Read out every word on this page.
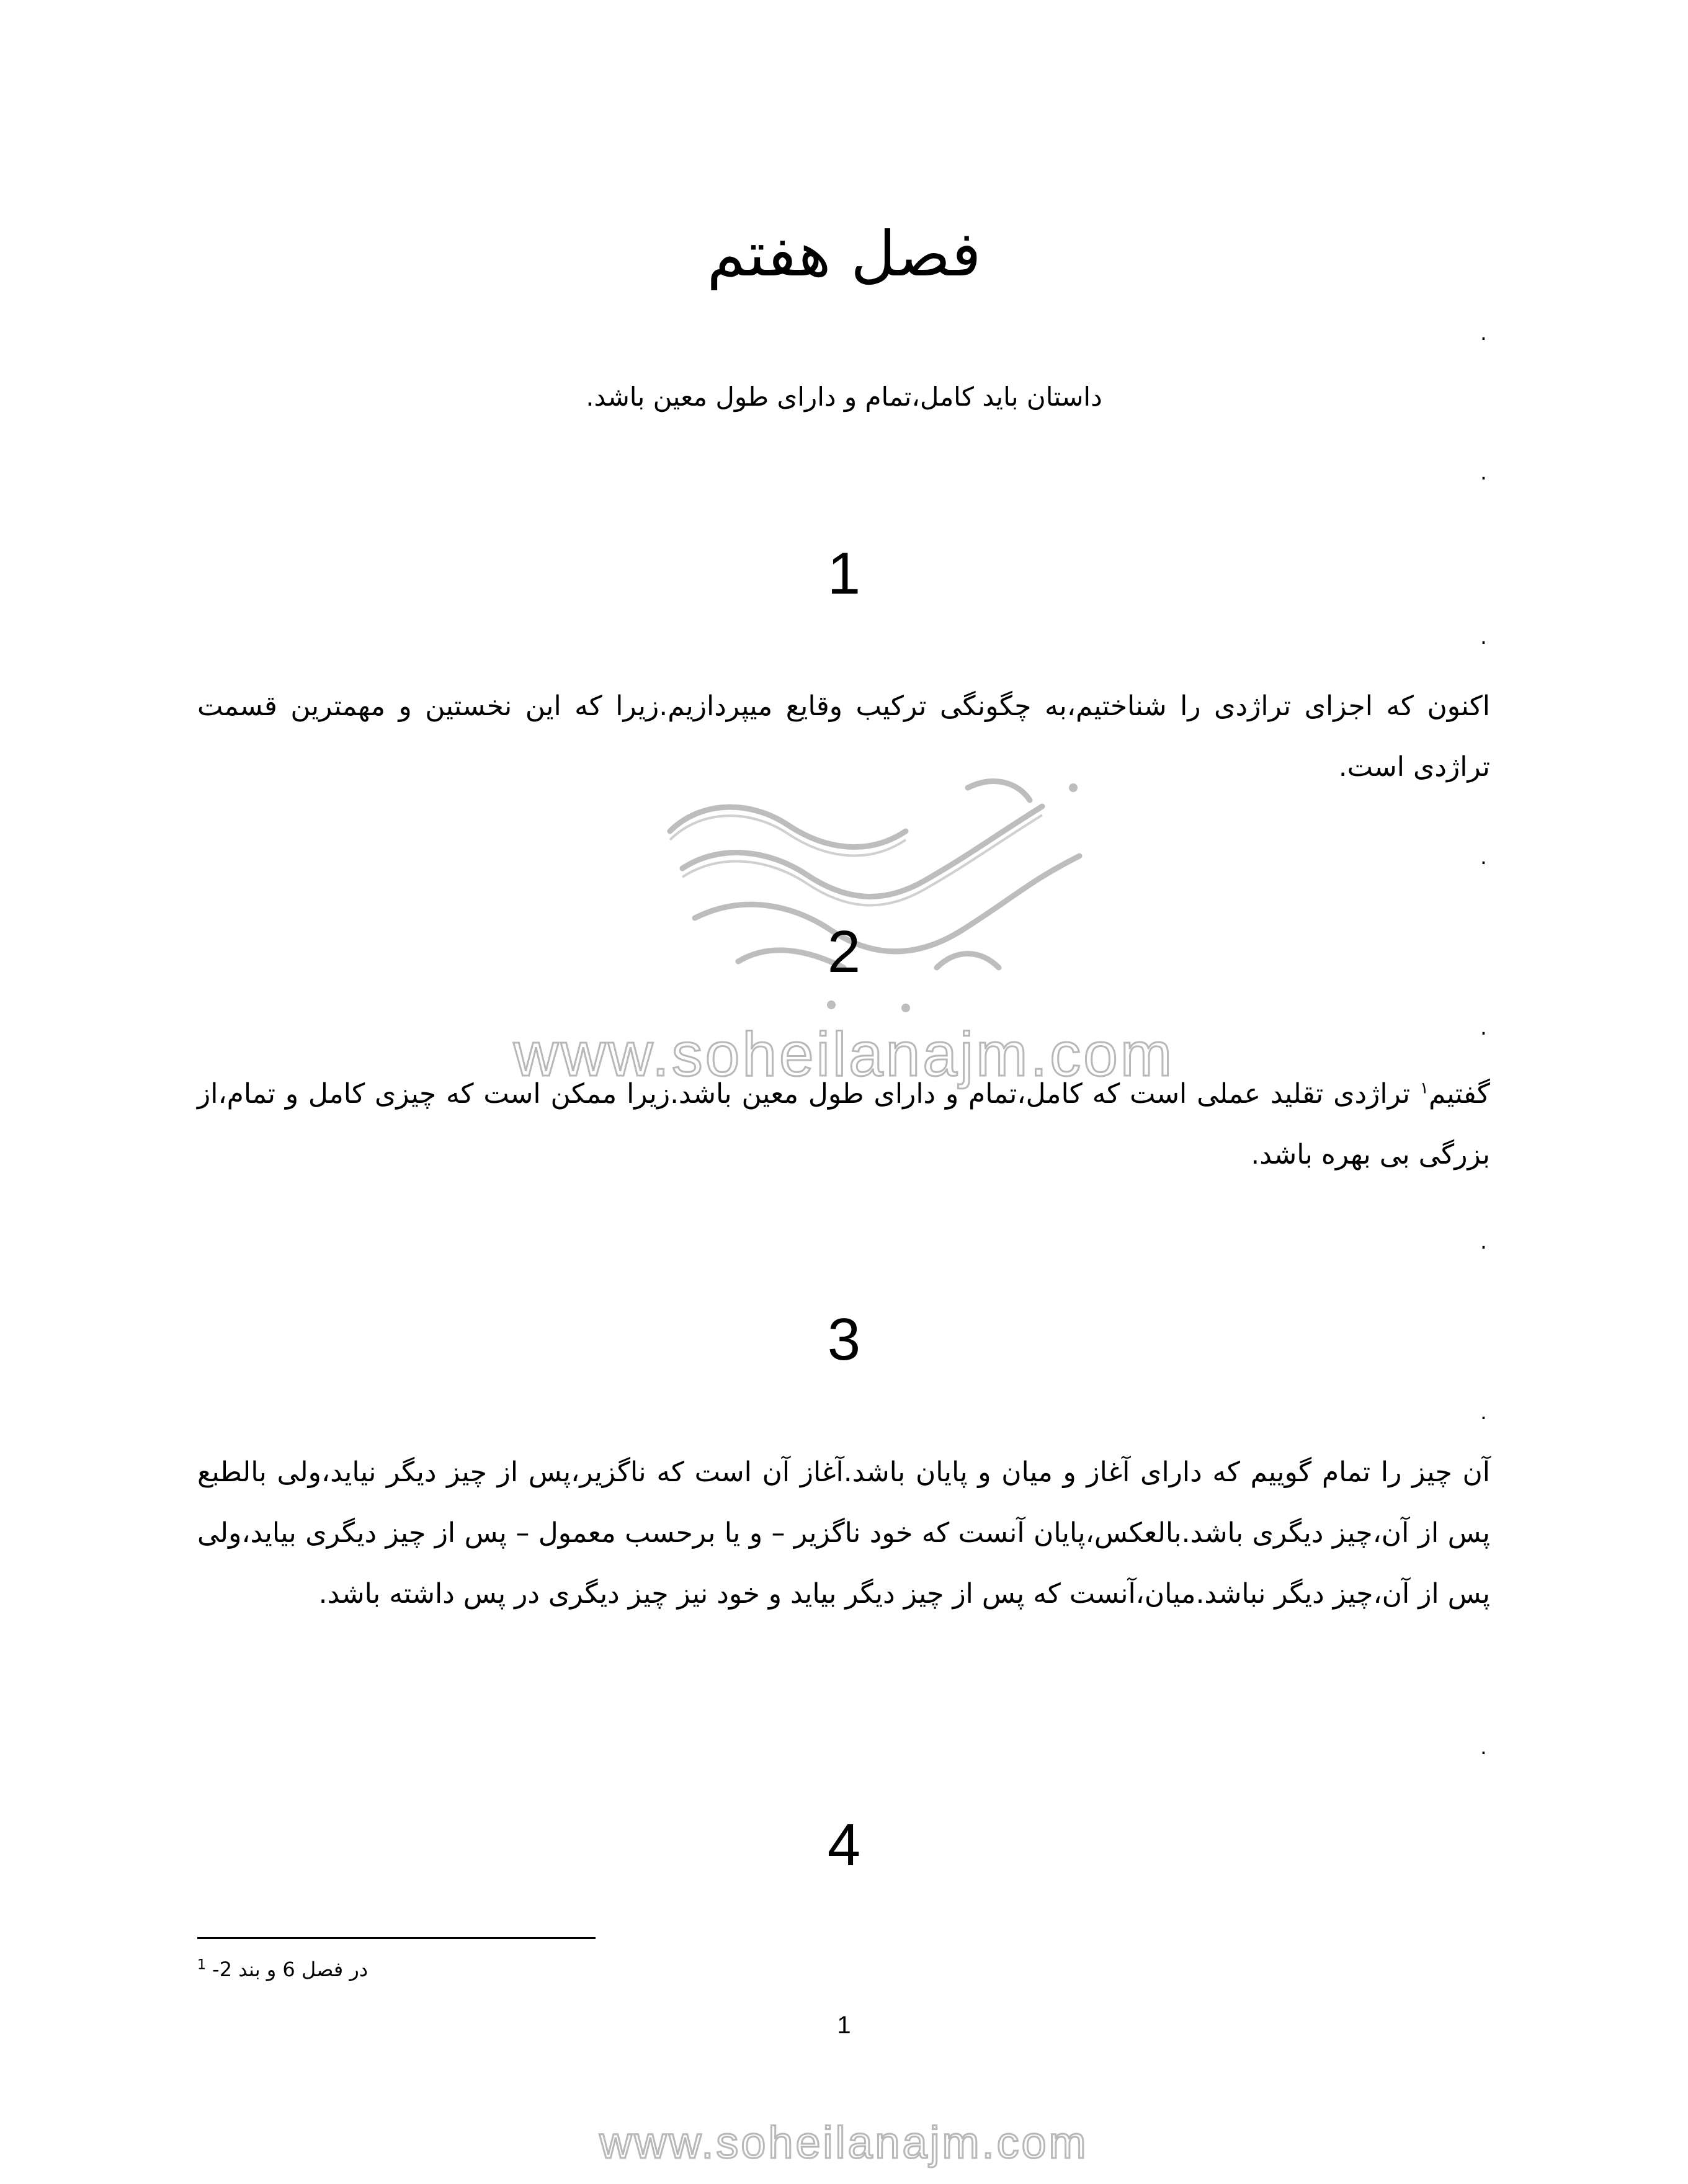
فصل هفتم
.
داستان باید کامل،تمام و دارای طول معین باشد.
.
1
.
اکنون که اجزای تراژدی را شناختیم،به چگونگی ترکیب وقایع میپردازیم.زیرا که این نخستین و مهمترین قسمت تراژدی است.
.
2
.
www.soheilanajm.com
گفتیم$^۱$ تراژدی تقلید عملی است که کامل،تمام و دارای طول معین باشد.زیرا ممکن است که چیزی کامل و تمام،از بزرگی بی بهره باشد.
.
3
.
آن چیز را تمام گوییم که دارای آغاز و میان و پایان باشد.آغاز آن است که ناگزیر،پس از چیز دیگر نیاید،ولی بالطبع پس از آن،چیز دیگری باشد.بالعکس،پایان آنست که خود ناگزیر – و یا برحسب معمول – پس از چیز دیگری بیاید،ولی پس از آن،چیز دیگر نباشد.میان،آنست که پس از چیز دیگر بیاید و خود نیز چیز دیگری در پس داشته باشد.
.
4
در فصل 6 و بند 2- $^1$
1
www.soheilanajm.com
